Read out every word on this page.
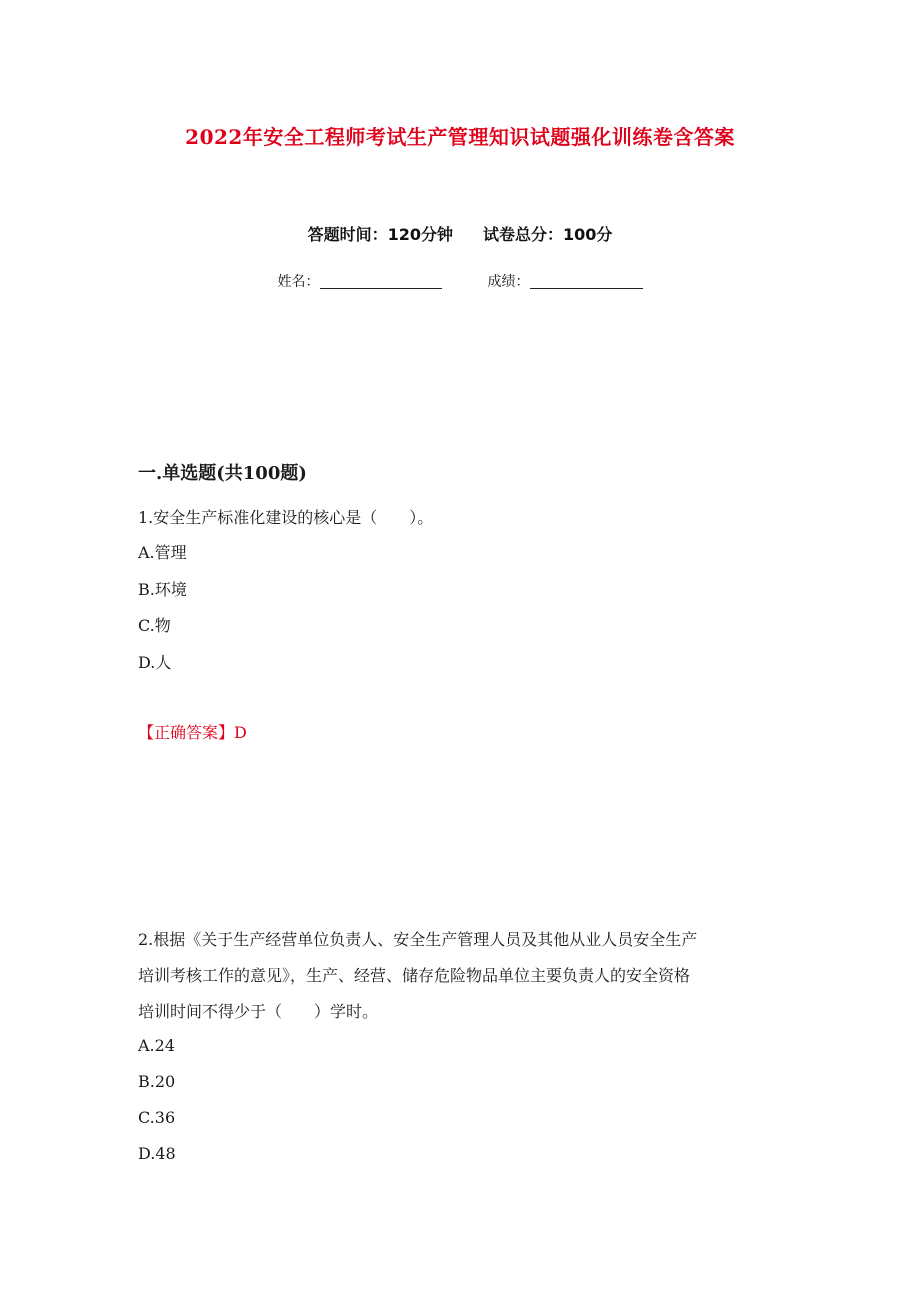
2022年安全工程师考试生产管理知识试题强化训练卷含答案
答题时间：120分钟 试卷总分：100分
姓名：	成绩：
一.单选题(共100题)
1.安全生产标准化建设的核心是（　　）。
A.管理
B.环境
C.物
D.人
【正确答案】D
2.根据《关于生产经营单位负责人、安全生产管理人员及其他从业人员安全生产
培训考核工作的意见》，生产、经营、储存危险物品单位主要负责人的安全资格
培训时间不得少于（　　）学时。
A.24
B.20
C.36
D.48
